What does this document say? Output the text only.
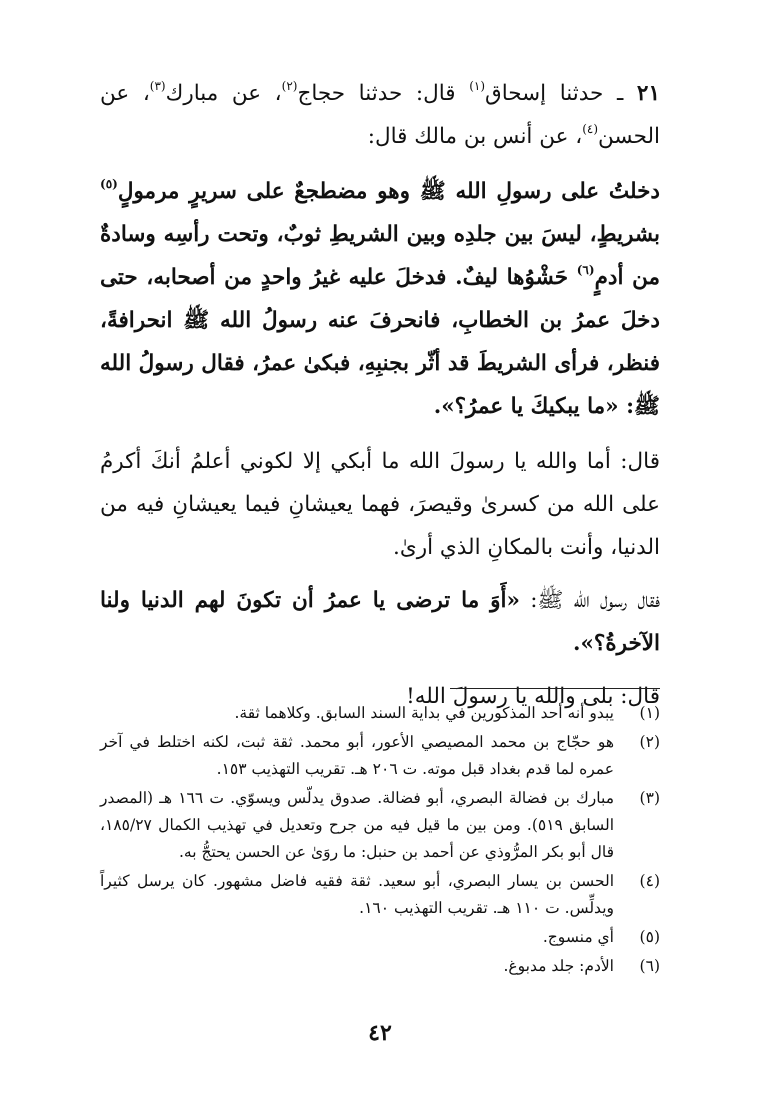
٢١ ـ حدثنا إسحاق$^{(١)}$ قال: حدثنا حجاج$^{(٢)}$، عن مبارك$^{(٣)}$، عن الحسن$^{(٤)}$، عن أنس بن مالك قال:

دخلتُ على رسولِ الله ﷺ وهو مضطجعٌ على سريرٍ مرمولٍ$^{(٥)}$ بشريطٍ، ليسَ بين جلدِه وبين الشريطِ ثوبٌ، وتحت رأسِه وسادةٌ من أدمٍ$^{(٦)}$ حَشْوُها ليفٌ. فدخلَ عليه غيرُ واحدٍ من أصحابه، حتى دخلَ عمرُ بن الخطابِ، فانحرفَ عنه رسولُ الله ﷺ انحرافةً، فنظر، فرأى الشريطَ قد أثّر بجنبِهِ، فبكىٰ عمرُ، فقال رسولُ الله ﷺ: «ما يبكيكَ يا عمرُ؟».

قال: أما والله يا رسولَ الله ما أبكي إلا لكوني أعلمُ أنكَ أكرمُ على الله من كسرىٰ وقيصرَ، فهما يعيشانِ فيما يعيشانِ فيه من الدنيا، وأنت بالمكانِ الذي أرىٰ.

فقال رسول الله ﷺ: «أَوَ ما ترضى يا عمرُ أن تكونَ لهم الدنيا ولنا الآخرةُ؟».

قال: بلى والله يا رسولَ الله!

(١)
يبدو أنه أحد المذكورين في بداية السند السابق. وكلاهما ثقة.
(٢)
هو حجّاج بن محمد المصيصي الأعور، أبو محمد. ثقة ثبت، لكنه اختلط في آخر عمره لما قدم بغداد قبل موته. ت ٢٠٦ هـ. تقريب التهذيب ١٥٣.
(٣)
مبارك بن فضالة البصري، أبو فضالة. صدوق يدلّس ويسوّي. ت ١٦٦ هـ (المصدر السابق ٥١٩). ومن بين ما قيل فيه من جرح وتعديل في تهذيب الكمال ١٨٥/٢٧، قال أبو بكر المرُّوذي عن أحمد بن حنبل: ما روَىٰ عن الحسن يحتجُّ به.
(٤)
الحسن بن يسار البصري، أبو سعيد. ثقة فقيه فاضل مشهور. كان يرسل كثيراً ويدلِّس. ت ١١٠ هـ. تقريب التهذيب ١٦٠.
(٥)
أي منسوج.
(٦)
الأدم: جلد مدبوغ.
٤٢
